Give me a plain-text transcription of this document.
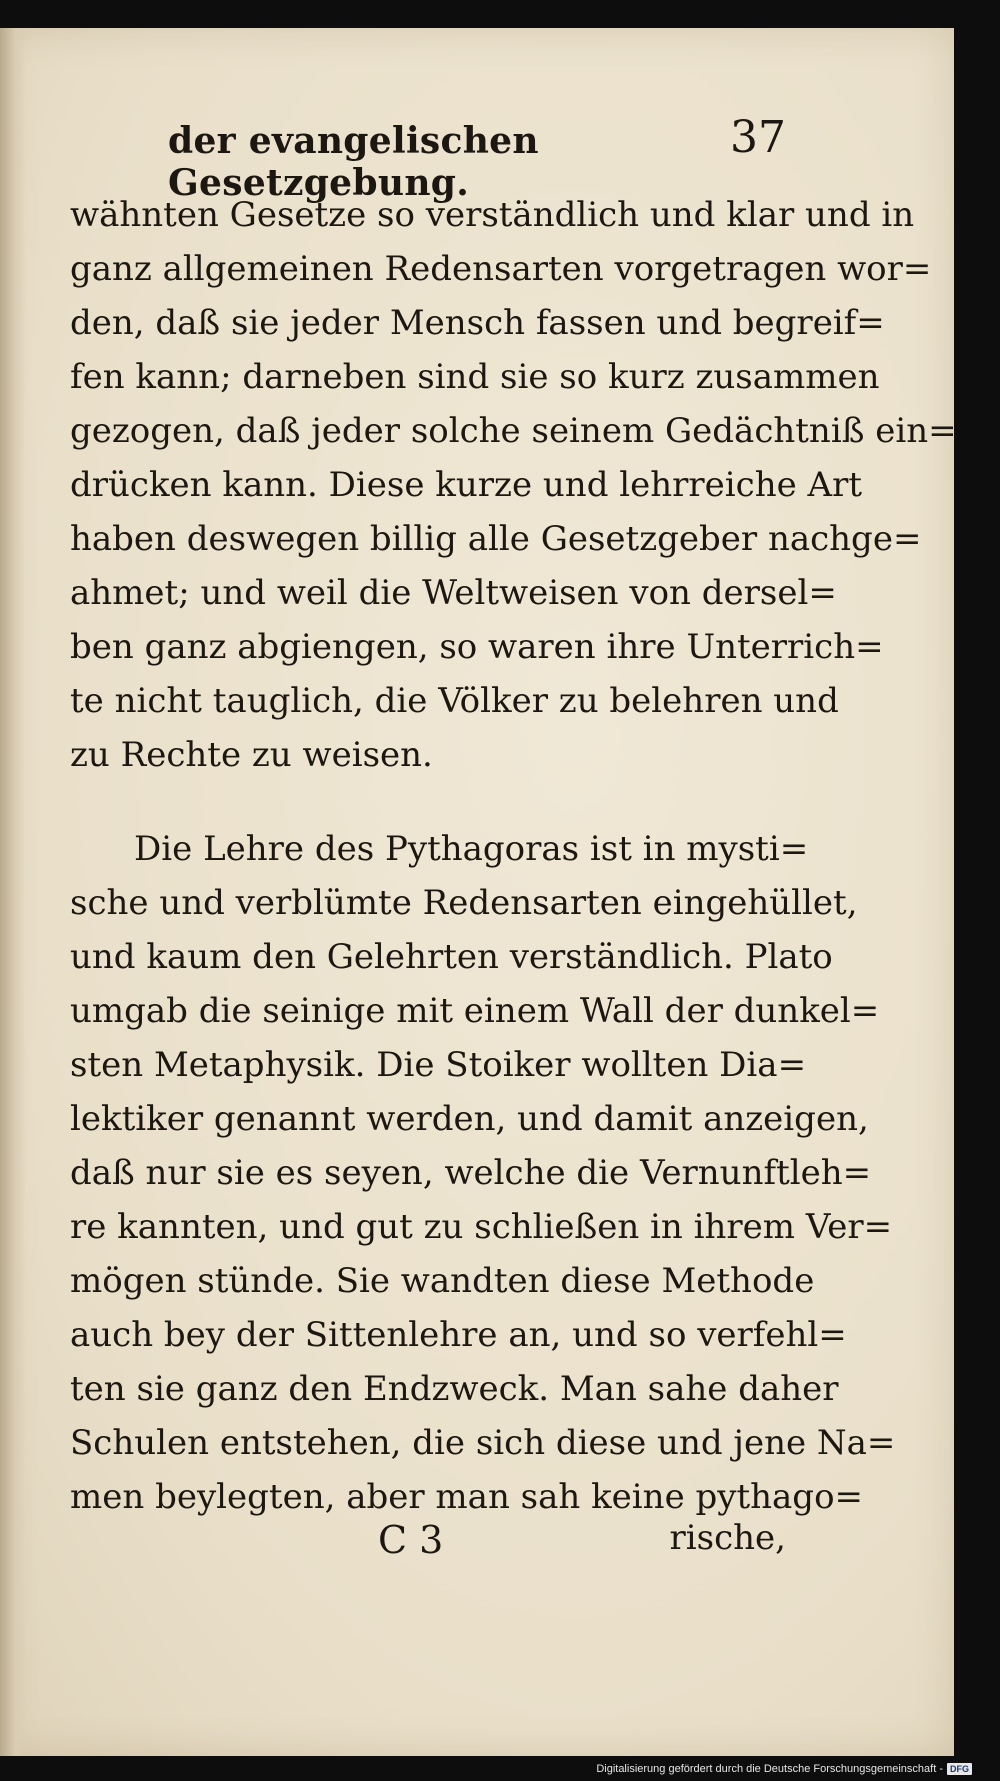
der evangelischen Gesetzgebung.
37
wähnten Gesetze so verständlich und klar und in
ganz allgemeinen Redensarten vorgetragen wor=
den, daß sie jeder Mensch fassen und begreif=
fen kann; darneben sind sie so kurz zusammen
gezogen, daß jeder solche seinem Gedächtniß ein=
drücken kann. Diese kurze und lehrreiche Art
haben deswegen billig alle Gesetzgeber nachge=
ahmet; und weil die Weltweisen von dersel=
ben ganz abgiengen, so waren ihre Unterrich=
te nicht tauglich, die Völker zu belehren und
zu Rechte zu weisen.
Die Lehre des Pythagoras ist in mysti=
sche und verblümte Redensarten eingehüllet,
und kaum den Gelehrten verständlich. Plato
umgab die seinige mit einem Wall der dunkel=
sten Metaphysik. Die Stoiker wollten Dia=
lektiker genannt werden, und damit anzeigen,
daß nur sie es seyen, welche die Vernunftleh=
re kannten, und gut zu schließen in ihrem Ver=
mögen stünde. Sie wandten diese Methode
auch bey der Sittenlehre an, und so verfehl=
ten sie ganz den Endzweck. Man sahe daher
Schulen entstehen, die sich diese und jene Na=
men beylegten, aber man sah keine pythago=
C 3	rische,
Digitalisierung gefördert durch die Deutsche Forschungsgemeinschaft - DFG
